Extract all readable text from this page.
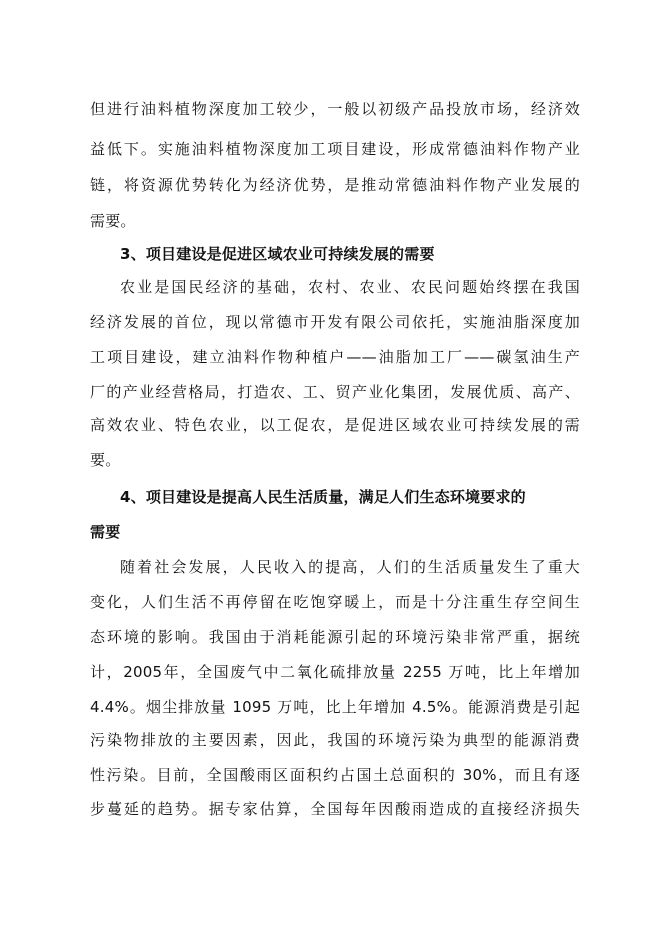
但进行油料植物深度加工较少，一般以初级产品投放市场，经济效
益低下。实施油料植物深度加工项目建设，形成常德油料作物产业
链，将资源优势转化为经济优势，是推动常德油料作物产业发展的
需要。
3、项目建设是促进区域农业可持续发展的需要
农业是国民经济的基础，农村、农业、农民问题始终摆在我国
经济发展的首位，现以常德市开发有限公司依托，实施油脂深度加
工项目建设，建立油料作物种植户——油脂加工厂——碳氢油生产
厂的产业经营格局，打造农、工、贸产业化集团，发展优质、高产、
高效农业、特色农业，以工促农，是促进区域农业可持续发展的需
要。
4、项目建设是提高人民生活质量，满足人们生态环境要求的
需要
随着社会发展，人民收入的提高，人们的生活质量发生了重大
变化，人们生活不再停留在吃饱穿暖上，而是十分注重生存空间生
态环境的影响。我国由于消耗能源引起的环境污染非常严重，据统
计，2005年，全国废气中二氧化硫排放量 2255 万吨，比上年增加
4.4%。烟尘排放量 1095 万吨，比上年增加 4.5%。能源消费是引起
污染物排放的主要因素，因此，我国的环境污染为典型的能源消费
性污染。目前，全国酸雨区面积约占国土总面积的 30%，而且有逐
步蔓延的趋势。据专家估算，全国每年因酸雨造成的直接经济损失
